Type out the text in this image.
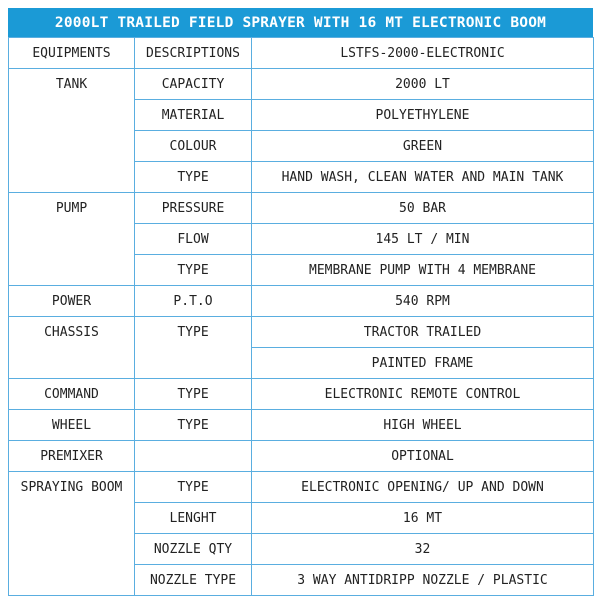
2000LT TRAILED FIELD SPRAYER WITH 16 MT ELECTRONIC BOOM
EQUIPMENTS	DESCRIPTIONS	LSTFS-2000-ELECTRONIC
TANK	CAPACITY	2000 LT
	MATERIAL	POLYETHYLENE
	COLOUR	GREEN
	TYPE	HAND WASH, CLEAN WATER AND MAIN TANK
PUMP	PRESSURE	50 BAR
	FLOW	145 LT / MIN
	TYPE	MEMBRANE PUMP WITH 4 MEMBRANE
POWER	P.T.O	540 RPM
CHASSIS	TYPE	TRACTOR TRAILED
		PAINTED FRAME
COMMAND	TYPE	ELECTRONIC REMOTE CONTROL
WHEEL	TYPE	HIGH WHEEL
PREMIXER		OPTIONAL
SPRAYING BOOM	TYPE	ELECTRONIC OPENING/ UP AND DOWN
	LENGHT	16 MT
	NOZZLE QTY	32
	NOZZLE TYPE	3 WAY ANTIDRIPP NOZZLE / PLASTIC
